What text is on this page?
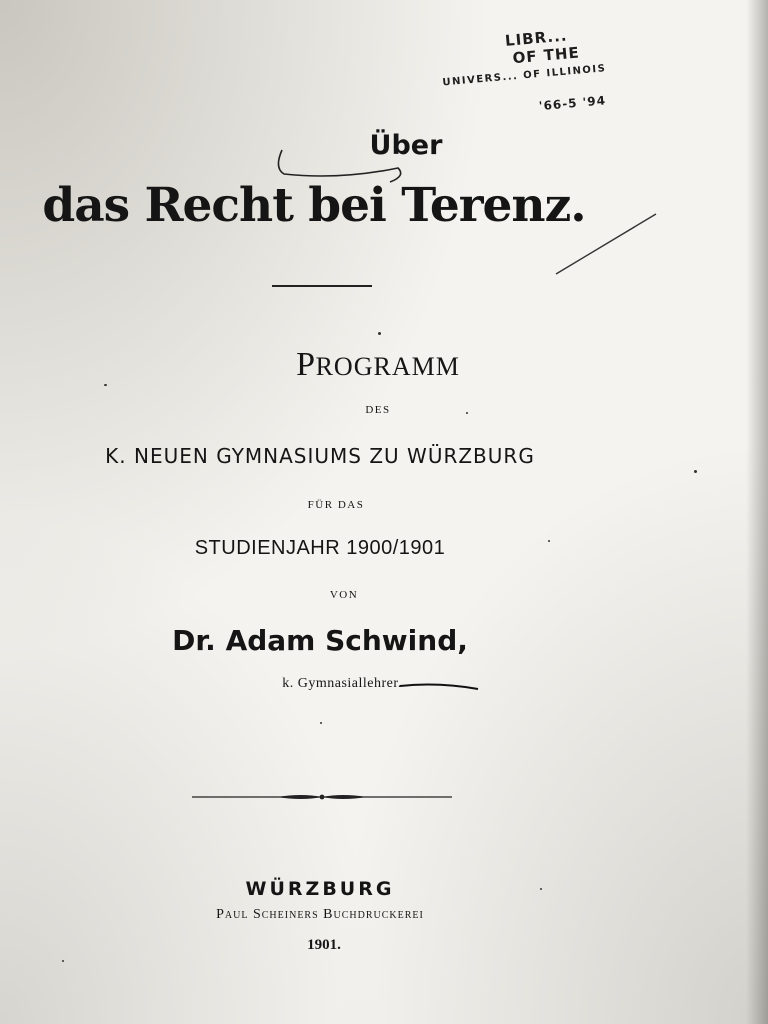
LIBR...
OF THE
UNIVERS... OF ILLINOIS
'66-5 '94
Über
das Recht bei Terenz.
PROGRAMM
DES
K. NEUEN GYMNASIUMS ZU WÜRZBURG
FÜR DAS
STUDIENJAHR 1900/1901
VON
Dr. Adam Schwind,
k. Gymnasiallehrer.
WÜRZBURG
Paul Scheiners Buchdruckerei
1901.
